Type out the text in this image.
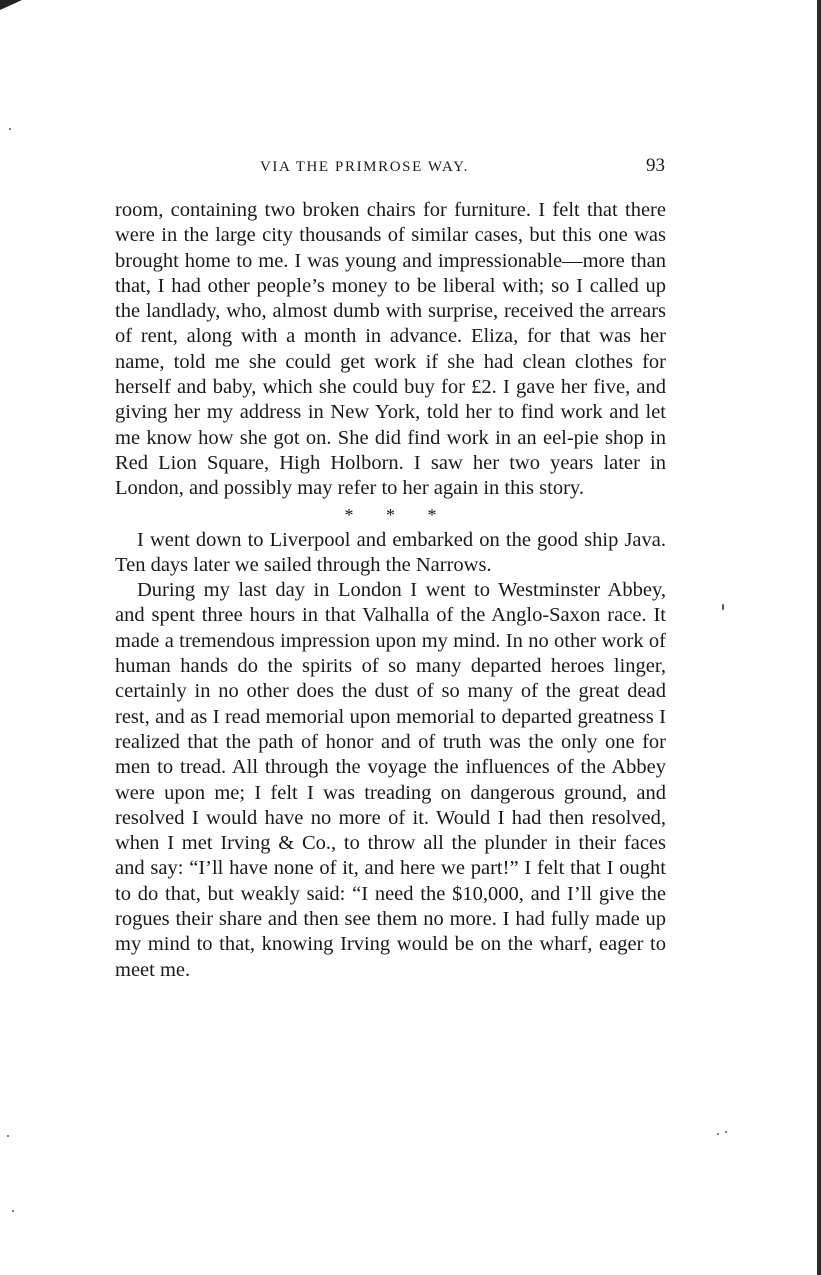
VIA THE PRIMROSE WAY.	93

room, containing two broken chairs for furniture. I felt that there were in the large city thousands of similar cases, but this one was brought home to me. I was young and impressionable—more than that, I had other people’s money to be liberal with; so I called up the landlady, who, almost dumb with surprise, received the arrears of rent, along with a month in advance. Eliza, for that was her name, told me she could get work if she had clean clothes for herself and baby, which she could buy for £2. I gave her five, and giving her my address in New York, told her to find work and let me know how she got on. She did find work in an eel-pie shop in Red Lion Square, High Holborn. I saw her two years later in London, and possibly may refer to her again in this story.

* * *

I went down to Liverpool and embarked on the good ship Java. Ten days later we sailed through the Narrows.

During my last day in London I went to Westminster Abbey, and spent three hours in that Valhalla of the Anglo-Saxon race. It made a tremendous impression upon my mind. In no other work of human hands do the spirits of so many departed heroes linger, certainly in no other does the dust of so many of the great dead rest, and as I read memorial upon memorial to departed greatness I realized that the path of honor and of truth was the only one for men to tread. All through the voyage the influences of the Abbey were upon me; I felt I was treading on dangerous ground, and resolved I would have no more of it. Would I had then resolved, when I met Irving & Co., to throw all the plunder in their faces and say: “I’ll have none of it, and here we part!” I felt that I ought to do that, but weakly said: “I need the $10,000, and I’ll give the rogues their share and then see them no more. I had fully made up my mind to that, knowing Irving would be on the wharf, eager to meet me.
